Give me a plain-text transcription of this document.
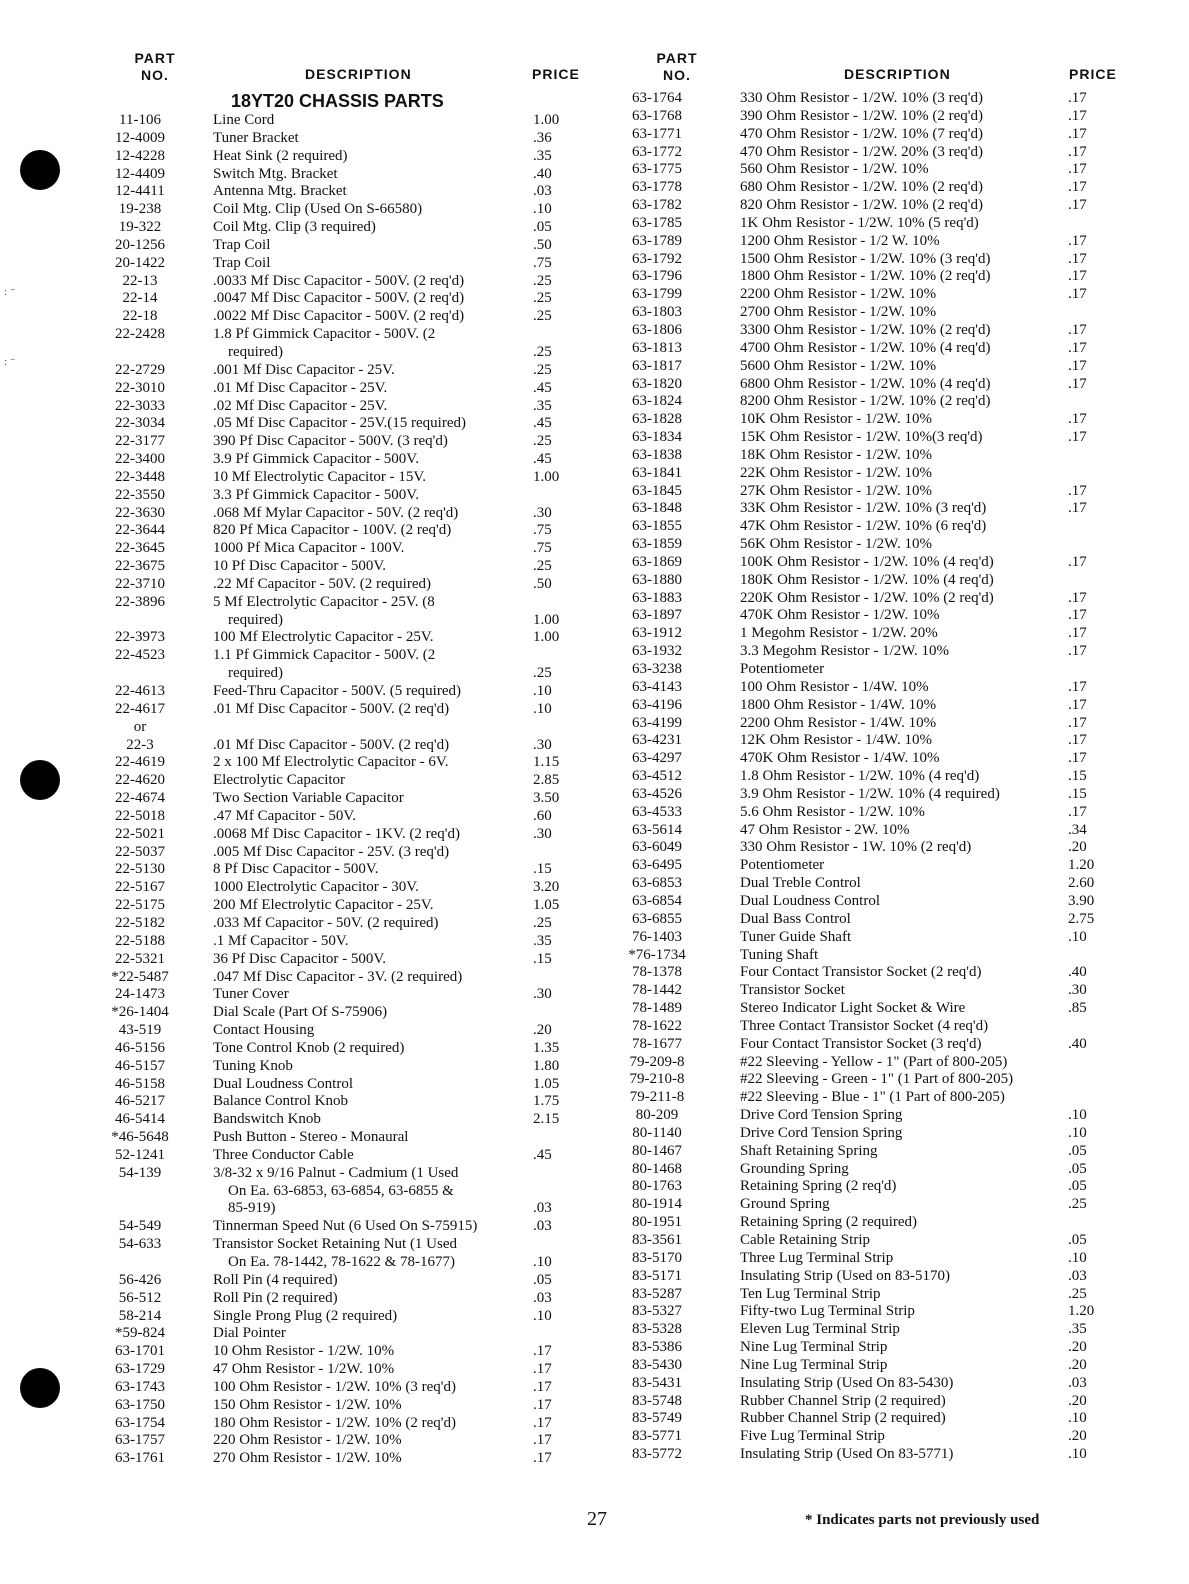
: ⁻
: ⁻
PART
NO.	DESCRIPTION	PRICE
18YT20 CHASSIS PARTS
11-106	Line Cord	1.00
12-4009	Tuner Bracket	.36
12-4228	Heat Sink (2 required)	.35
12-4409	Switch Mtg. Bracket	.40
12-4411	Antenna Mtg. Bracket	.03
19-238	Coil Mtg. Clip (Used On S-66580)	.10
19-322	Coil Mtg. Clip (3 required)	.05
20-1256	Trap Coil	.50
20-1422	Trap Coil	.75
22-13	.0033 Mf Disc Capacitor - 500V. (2 req'd)	.25
22-14	.0047 Mf Disc Capacitor - 500V. (2 req'd)	.25
22-18	.0022 Mf Disc Capacitor - 500V. (2 req'd)	.25
22-2428	1.8 Pf Gimmick Capacitor - 500V. (2
required)	.25
22-2729	.001 Mf Disc Capacitor - 25V.	.25
22-3010	.01 Mf Disc Capacitor - 25V.	.45
22-3033	.02 Mf Disc Capacitor - 25V.	.35
22-3034	.05 Mf Disc Capacitor - 25V.(15 required)	.45
22-3177	390 Pf Disc Capacitor - 500V. (3 req'd)	.25
22-3400	3.9 Pf Gimmick Capacitor - 500V.	.45
22-3448	10 Mf Electrolytic Capacitor - 15V.	1.00
22-3550	3.3 Pf Gimmick Capacitor - 500V.
22-3630	.068 Mf Mylar Capacitor - 50V. (2 req'd)	.30
22-3644	820 Pf Mica Capacitor - 100V. (2 req'd)	.75
22-3645	1000 Pf Mica Capacitor - 100V.	.75
22-3675	10 Pf Disc Capacitor - 500V.	.25
22-3710	.22 Mf Capacitor - 50V. (2 required)	.50
22-3896	5 Mf Electrolytic Capacitor - 25V. (8
required)	1.00
22-3973	100 Mf Electrolytic Capacitor - 25V.	1.00
22-4523	1.1 Pf Gimmick Capacitor - 500V. (2
required)	.25
22-4613	Feed-Thru Capacitor - 500V. (5 required)	.10
22-4617	.01 Mf Disc Capacitor - 500V. (2 req'd)	.10
or
22-3	.01 Mf Disc Capacitor - 500V. (2 req'd)	.30
22-4619	2 x 100 Mf Electrolytic Capacitor - 6V.	1.15
22-4620	Electrolytic Capacitor	2.85
22-4674	Two Section Variable Capacitor	3.50
22-5018	.47 Mf Capacitor - 50V.	.60
22-5021	.0068 Mf Disc Capacitor - 1KV. (2 req'd)	.30
22-5037	.005 Mf Disc Capacitor - 25V. (3 req'd)
22-5130	8 Pf Disc Capacitor - 500V.	.15
22-5167	1000 Electrolytic Capacitor - 30V.	3.20
22-5175	200 Mf Electrolytic Capacitor - 25V.	1.05
22-5182	.033 Mf Capacitor - 50V. (2 required)	.25
22-5188	.1 Mf Capacitor - 50V.	.35
22-5321	36 Pf Disc Capacitor - 500V.	.15
*22-5487	.047 Mf Disc Capacitor - 3V. (2 required)
24-1473	Tuner Cover	.30
*26-1404	Dial Scale (Part Of S-75906)
43-519	Contact Housing	.20
46-5156	Tone Control Knob (2 required)	1.35
46-5157	Tuning Knob	1.80
46-5158	Dual Loudness Control	1.05
46-5217	Balance Control Knob	1.75
46-5414	Bandswitch Knob	2.15
*46-5648	Push Button - Stereo - Monaural
52-1241	Three Conductor Cable	.45
54-139	3/8-32 x 9/16 Palnut - Cadmium (1 Used
On Ea. 63-6853, 63-6854, 63-6855 &
85-919)	.03
54-549	Tinnerman Speed Nut (6 Used On S-75915)	.03
54-633	Transistor Socket Retaining Nut (1 Used
On Ea. 78-1442, 78-1622 & 78-1677)	.10
56-426	Roll Pin (4 required)	.05
56-512	Roll Pin (2 required)	.03
58-214	Single Prong Plug (2 required)	.10
*59-824	Dial Pointer
63-1701	10 Ohm Resistor - 1/2W. 10%	.17
63-1729	47 Ohm Resistor - 1/2W. 10%	.17
63-1743	100 Ohm Resistor - 1/2W. 10% (3 req'd)	.17
63-1750	150 Ohm Resistor - 1/2W. 10%	.17
63-1754	180 Ohm Resistor - 1/2W. 10% (2 req'd)	.17
63-1757	220 Ohm Resistor - 1/2W. 10%	.17
63-1761	270 Ohm Resistor - 1/2W. 10%	.17
PART
NO.	DESCRIPTION	PRICE
63-1764	330 Ohm Resistor - 1/2W. 10% (3 req'd)	.17
63-1768	390 Ohm Resistor - 1/2W. 10% (2 req'd)	.17
63-1771	470 Ohm Resistor - 1/2W. 10% (7 req'd)	.17
63-1772	470 Ohm Resistor - 1/2W. 20% (3 req'd)	.17
63-1775	560 Ohm Resistor - 1/2W. 10%	.17
63-1778	680 Ohm Resistor - 1/2W. 10% (2 req'd)	.17
63-1782	820 Ohm Resistor - 1/2W. 10% (2 req'd)	.17
63-1785	1K Ohm Resistor - 1/2W. 10% (5 req'd)
63-1789	1200 Ohm Resistor - 1/2 W. 10%	.17
63-1792	1500 Ohm Resistor - 1/2W. 10% (3 req'd)	.17
63-1796	1800 Ohm Resistor - 1/2W. 10% (2 req'd)	.17
63-1799	2200 Ohm Resistor - 1/2W. 10%	.17
63-1803	2700 Ohm Resistor - 1/2W. 10%
63-1806	3300 Ohm Resistor - 1/2W. 10% (2 req'd)	.17
63-1813	4700 Ohm Resistor - 1/2W. 10% (4 req'd)	.17
63-1817	5600 Ohm Resistor - 1/2W. 10%	.17
63-1820	6800 Ohm Resistor - 1/2W. 10% (4 req'd)	.17
63-1824	8200 Ohm Resistor - 1/2W. 10% (2 req'd)
63-1828	10K Ohm Resistor - 1/2W. 10%	.17
63-1834	15K Ohm Resistor - 1/2W. 10%(3 req'd)	.17
63-1838	18K Ohm Resistor - 1/2W. 10%
63-1841	22K Ohm Resistor - 1/2W. 10%
63-1845	27K Ohm Resistor - 1/2W. 10%	.17
63-1848	33K Ohm Resistor - 1/2W. 10% (3 req'd)	.17
63-1855	47K Ohm Resistor - 1/2W. 10% (6 req'd)
63-1859	56K Ohm Resistor - 1/2W. 10%
63-1869	100K Ohm Resistor - 1/2W. 10% (4 req'd)	.17
63-1880	180K Ohm Resistor - 1/2W. 10% (4 req'd)
63-1883	220K Ohm Resistor - 1/2W. 10% (2 req'd)	.17
63-1897	470K Ohm Resistor - 1/2W. 10%	.17
63-1912	1 Megohm Resistor - 1/2W. 20%	.17
63-1932	3.3 Megohm Resistor - 1/2W. 10%	.17
63-3238	Potentiometer
63-4143	100 Ohm Resistor - 1/4W. 10%	.17
63-4196	1800 Ohm Resistor - 1/4W. 10%	.17
63-4199	2200 Ohm Resistor - 1/4W. 10%	.17
63-4231	12K Ohm Resistor - 1/4W. 10%	.17
63-4297	470K Ohm Resistor - 1/4W. 10%	.17
63-4512	1.8 Ohm Resistor - 1/2W. 10% (4 req'd)	.15
63-4526	3.9 Ohm Resistor - 1/2W. 10% (4 required)	.15
63-4533	5.6 Ohm Resistor - 1/2W. 10%	.17
63-5614	47 Ohm Resistor - 2W. 10%	.34
63-6049	330 Ohm Resistor - 1W. 10% (2 req'd)	.20
63-6495	Potentiometer	1.20
63-6853	Dual Treble Control	2.60
63-6854	Dual Loudness Control	3.90
63-6855	Dual Bass Control	2.75
76-1403	Tuner Guide Shaft	.10
*76-1734	Tuning Shaft
78-1378	Four Contact Transistor Socket (2 req'd)	.40
78-1442	Transistor Socket	.30
78-1489	Stereo Indicator Light Socket & Wire	.85
78-1622	Three Contact Transistor Socket (4 req'd)
78-1677	Four Contact Transistor Socket (3 req'd)	.40
79-209-8	#22 Sleeving - Yellow - 1" (Part of 800-205)
79-210-8	#22 Sleeving - Green - 1" (1 Part of 800-205)
79-211-8	#22 Sleeving - Blue - 1" (1 Part of 800-205)
80-209	Drive Cord Tension Spring	.10
80-1140	Drive Cord Tension Spring	.10
80-1467	Shaft Retaining Spring	.05
80-1468	Grounding Spring	.05
80-1763	Retaining Spring (2 req'd)	.05
80-1914	Ground Spring	.25
80-1951	Retaining Spring (2 required)
83-3561	Cable Retaining Strip	.05
83-5170	Three Lug Terminal Strip	.10
83-5171	Insulating Strip (Used on 83-5170)	.03
83-5287	Ten Lug Terminal Strip	.25
83-5327	Fifty-two Lug Terminal Strip	1.20
83-5328	Eleven Lug Terminal Strip	.35
83-5386	Nine Lug Terminal Strip	.20
83-5430	Nine Lug Terminal Strip	.20
83-5431	Insulating Strip (Used On 83-5430)	.03
83-5748	Rubber Channel Strip (2 required)	.20
83-5749	Rubber Channel Strip (2 required)	.10
83-5771	Five Lug Terminal Strip	.20
83-5772	Insulating Strip (Used On 83-5771)	.10
27	* Indicates parts not previously used
